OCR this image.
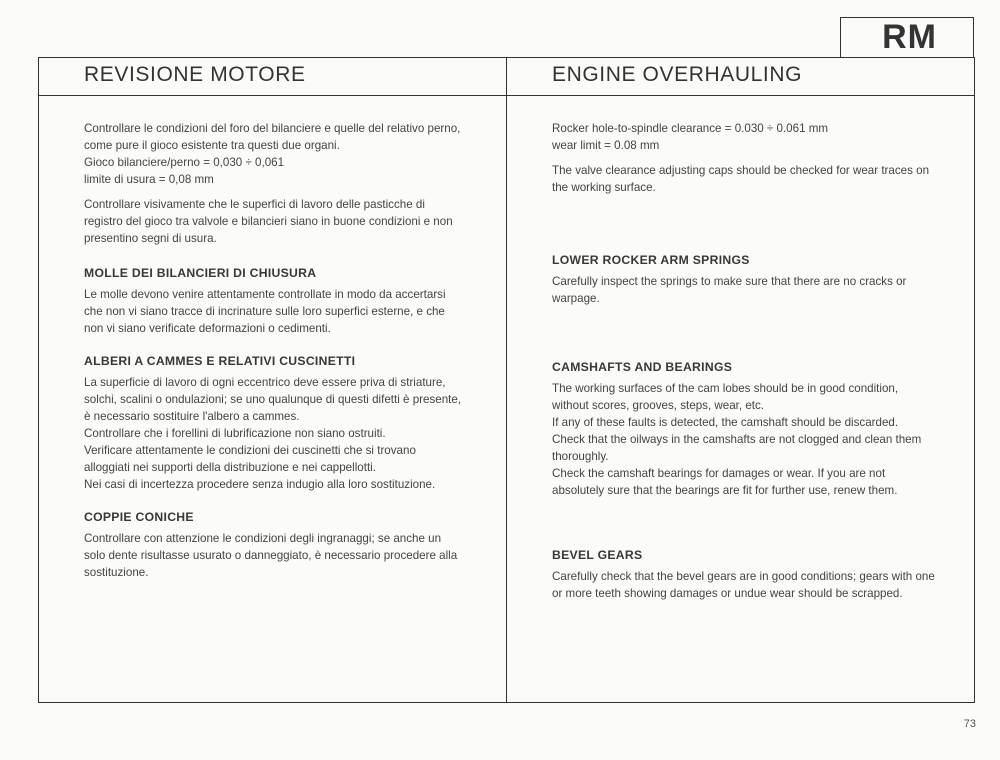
RM
REVISIONE MOTORE	ENGINE OVERHAULING
Controllare le condizioni del foro del bilanciere e quelle del relativo perno, come pure il gioco esistente tra questi due organi.
Gioco bilanciere/perno = 0,030 ÷ 0,061
limite di usura = 0,08 mm

Controllare visivamente che le superfici di lavoro delle pasticche di registro del gioco tra valvole e bilancieri siano in buone condizioni e non presentino segni di usura.

MOLLE DEI BILANCIERI DI CHIUSURA

Le molle devono venire attentamente controllate in modo da accertarsi che non vi siano tracce di incrinature sulle loro superfici esterne, e che non vi siano verificate deformazioni o cedimenti.

ALBERI A CAMMES E RELATIVI CUSCINETTI
La superficie di lavoro di ogni eccentrico deve essere priva di striature, solchi, scalini o ondulazioni; se uno qualunque di questi difetti è presente, è necessario sostituire l'albero a cammes.
Controllare che i forellini di lubrificazione non siano ostruiti.
Verificare attentamente le condizioni dei cuscinetti che si trovano alloggiati nei supporti della distribuzione e nei cappellotti.
Nei casi di incertezza procedere senza indugio alla loro sostituzione.
COPPIE CONICHE

Controllare con attenzione le condizioni degli ingranaggi; se anche un solo dente risultasse usurato o danneggiato, è necessario procedere alla sostituzione.

Rocker hole-to-spindle clearance = 0.030 ÷ 0.061 mm
wear limit = 0.08 mm

The valve clearance adjusting caps should be checked for wear traces on the working surface.

LOWER ROCKER ARM SPRINGS

Carefully inspect the springs to make sure that there are no cracks or warpage.

CAMSHAFTS AND BEARINGS
The working surfaces of the cam lobes should be in good condition, without scores, grooves, steps, wear, etc.
If any of these faults is detected, the camshaft should be discarded.
Check that the oilways in the camshafts are not clogged and clean them thoroughly.
Check the camshaft bearings for damages or wear. If you are not absolutely sure that the bearings are fit for further use, renew them.
BEVEL GEARS

Carefully check that the bevel gears are in good conditions; gears with one or more teeth showing damages or undue wear should be scrapped.

73
